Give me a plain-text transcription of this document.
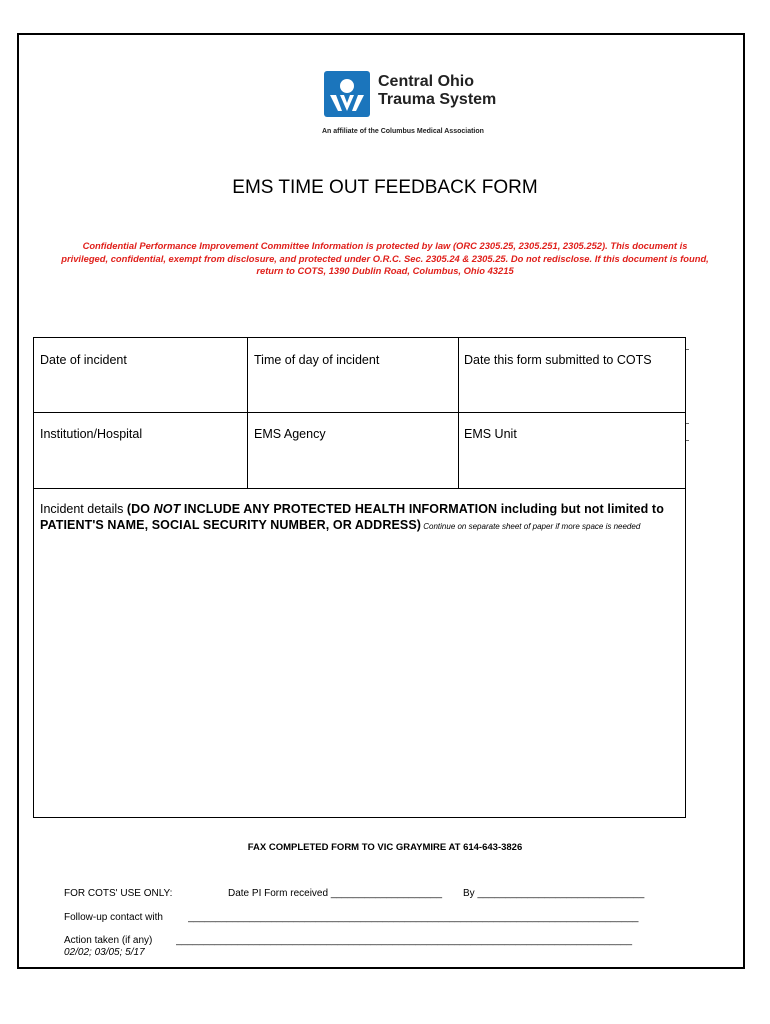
Central Ohio
Trauma System
An affiliate of the Columbus Medical Association
EMS TIME OUT FEEDBACK FORM
Confidential Performance Improvement Committee Information is protected by law (ORC 2305.25, 2305.251, 2305.252). This document is
privileged, confidential, exempt from disclosure, and protected under O.R.C. Sec. 2305.24 & 2305.25. Do not redisclose. If this document is found,
return to COTS, 1390 Dublin Road, Columbus, Ohio 43215
Date of incident	Time of day of incident	Date this form submitted to COTS
Institution/Hospital	EMS Agency	EMS Unit
Incident details (DO NOT INCLUDE ANY PROTECTED HEALTH INFORMATION including but not limited to
PATIENT'S NAME, SOCIAL SECURITY NUMBER, OR ADDRESS) Continue on separate sheet of paper if more space is needed
FAX COMPLETED FORM TO VIC GRAYMIRE AT 614-643-3826
FOR COTS' USE ONLY:	Date PI Form received ____________________ By ______________________________
Follow-up contact with	_________________________________________________________________________________
Action taken (if any) __________________________________________________________________________________
02/02; 03/05; 5/17
